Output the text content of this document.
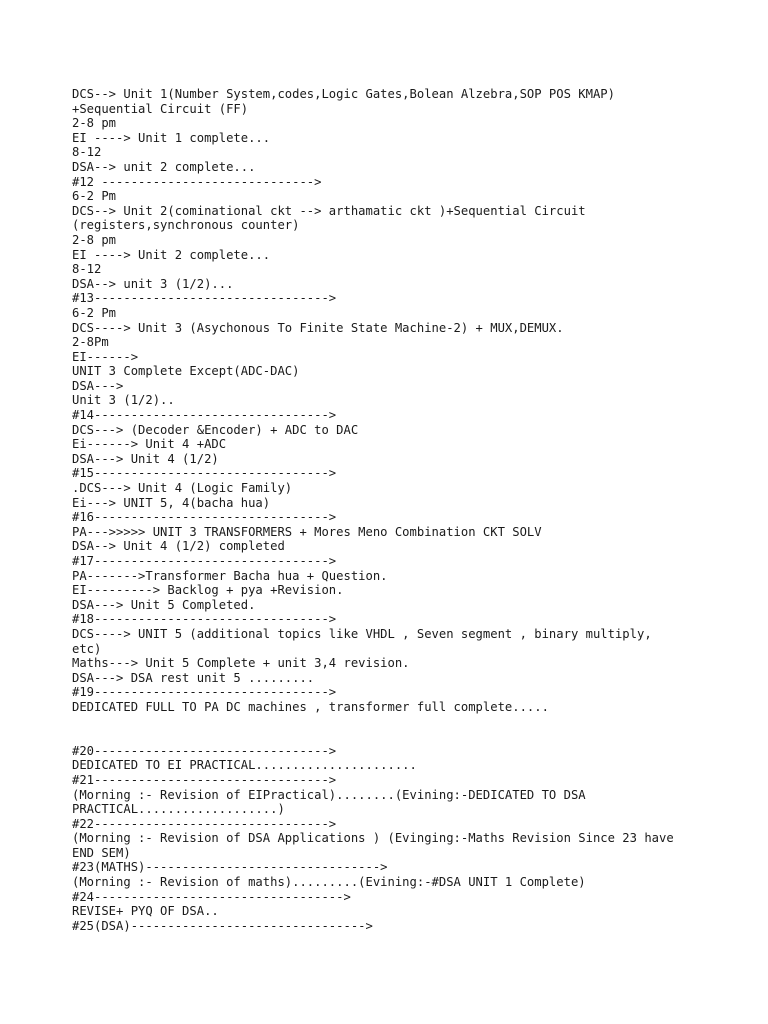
DCS--> Unit 1(Number System,codes,Logic Gates,Bolean Alzebra,SOP POS KMAP)
+Sequential Circuit (FF)
2-8 pm
EI ----> Unit 1 complete...
8-12
DSA--> unit 2 complete...
#12 ----------------------------->
6-2 Pm
DCS--> Unit 2(cominational ckt --> arthamatic ckt )+Sequential Circuit
(registers,synchronous counter)
2-8 pm
EI ----> Unit 2 complete...
8-12
DSA--> unit 3 (1/2)...
#13-------------------------------->
6-2 Pm
DCS----> Unit 3 (Asychonous To Finite State Machine-2) + MUX,DEMUX.
2-8Pm
EI------>
UNIT 3 Complete Except(ADC-DAC)
DSA--->
Unit 3 (1/2)..
#14-------------------------------->
DCS---> (Decoder &Encoder) + ADC to DAC
Ei------> Unit 4 +ADC
DSA---> Unit 4 (1/2)
#15-------------------------------->
.DCS---> Unit 4 (Logic Family)
Ei---> UNIT 5, 4(bacha hua)
#16-------------------------------->
PA--->>>>> UNIT 3 TRANSFORMERS + Mores Meno Combination CKT SOLV
DSA--> Unit 4 (1/2) completed
#17-------------------------------->
PA------->Transformer Bacha hua + Question.
EI---------> Backlog + pya +Revision.
DSA---> Unit 5 Completed.
#18-------------------------------->
DCS----> UNIT 5 (additional topics like VHDL , Seven segment , binary multiply,
etc)
Maths---> Unit 5 Complete + unit 3,4 revision.
DSA---> DSA rest unit 5 .........
#19-------------------------------->
DEDICATED FULL TO PA DC machines , transformer full complete.....
#20-------------------------------->
DEDICATED TO EI PRACTICAL......................
#21-------------------------------->
(Morning :- Revision of EIPractical)........(Evining:-DEDICATED TO DSA
PRACTICAL...................)
#22-------------------------------->
(Morning :- Revision of DSA Applications ) (Evinging:-Maths Revision Since 23 have
END SEM)
#23(MATHS)-------------------------------->
(Morning :- Revision of maths).........(Evining:-#DSA UNIT 1 Complete)
#24---------------------------------->
REVISE+ PYQ OF DSA..
#25(DSA)-------------------------------->
